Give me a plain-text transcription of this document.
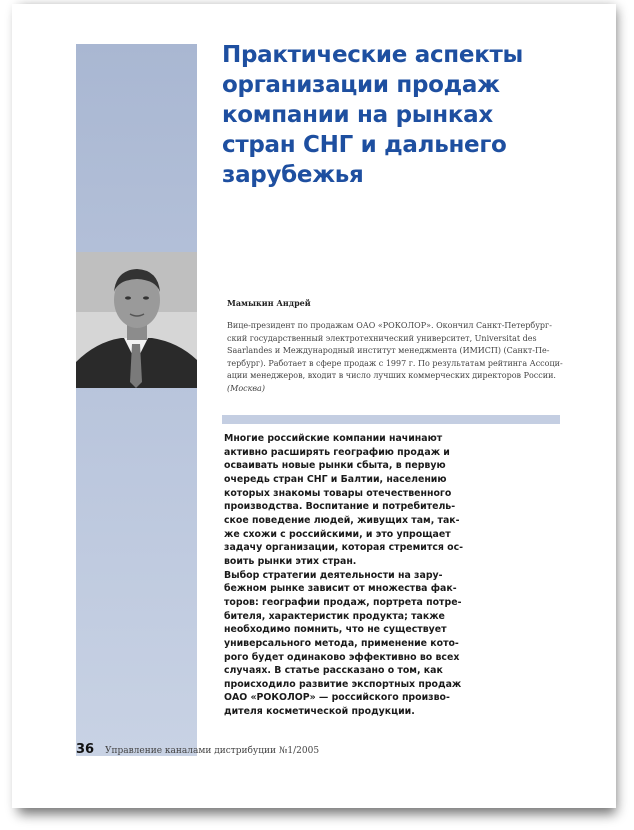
Практические аспекты
организации продаж
компании на рынках
стран СНГ и дальнего
зарубежья

Мамыкин Андрей

Вице-президент по продажам ОАО «РОКОЛОР». Окончил Санкт-Петербург-
ский государственный электротехнический университет, Universitat des
Saarlandes и Международный институт менеджмента (ИМИСП) (Санкт-Пе-
тербург). Работает в сфере продаж с 1997 г. По результатам рейтинга Ассоци-
ации менеджеров, входит в число лучших коммерческих директоров России.
(Москва)

Многие российские компании начинают
активно расширять географию продаж и
осваивать новые рынки сбыта, в первую
очередь стран СНГ и Балтии, населению
которых знакомы товары отечественного
производства. Воспитание и потребитель-
ское поведение людей, живущих там, так-
же схожи с российскими, и это упрощает
задачу организации, которая стремится ос-
воить рынки этих стран.
Выбор стратегии деятельности на зару-
бежном рынке зависит от множества фак-
торов: географии продаж, портрета потре-
бителя, характеристик продукта; также
необходимо помнить, что не существует
универсального метода, применение кото-
рого будет одинаково эффективно во всех
случаях. В статье рассказано о том, как
происходило развитие экспортных продаж
ОАО «РОКОЛОР» — российского произво-
дителя косметической продукции.

36 Управление каналами дистрибуции №1/2005
